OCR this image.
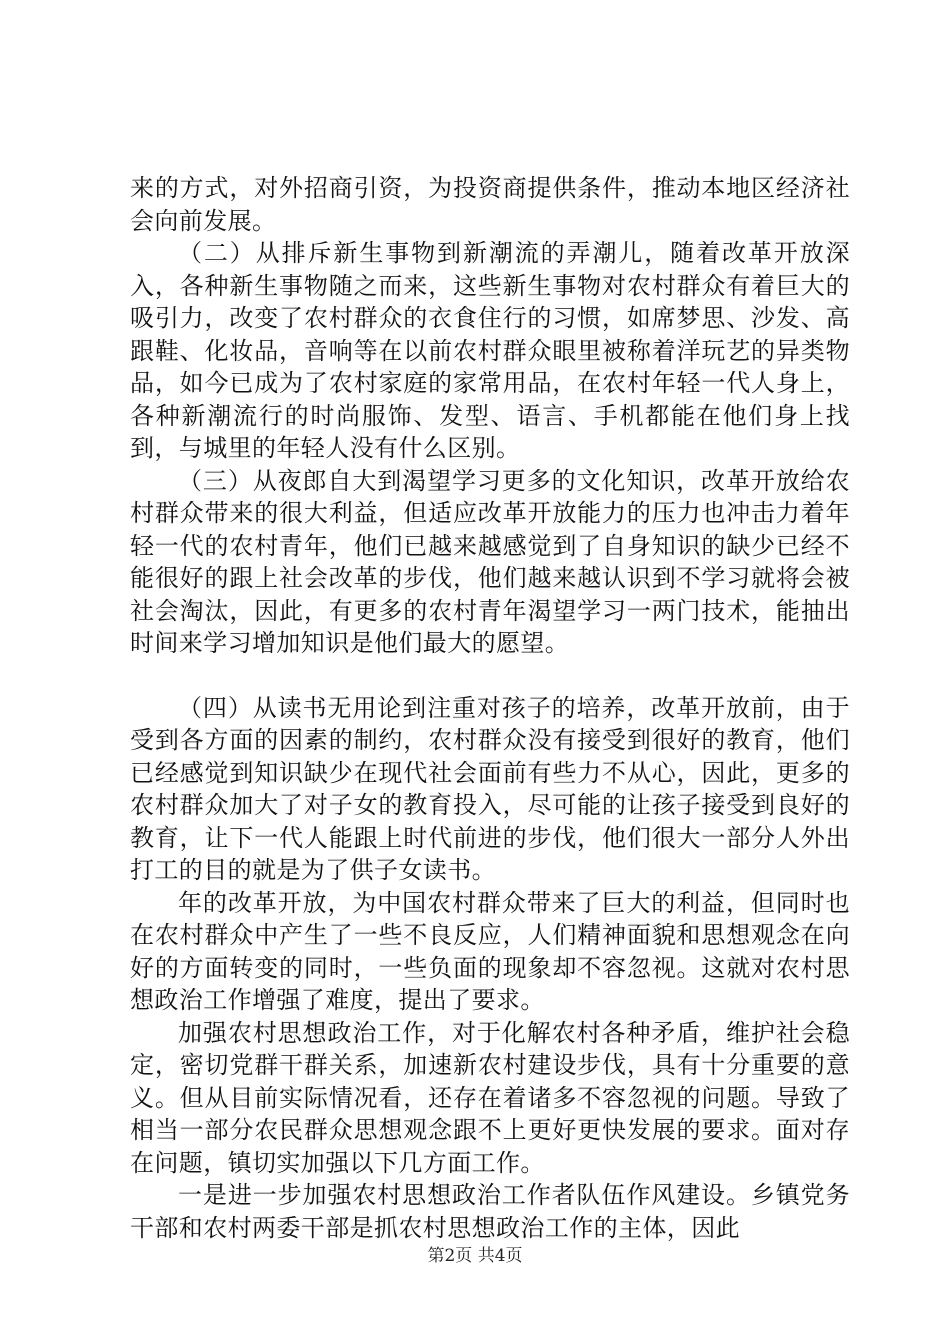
来的方式，对外招商引资，为投资商提供条件，推动本地区经济社会向前发展。

（二）从排斥新生事物到新潮流的弄潮儿，随着改革开放深入，各种新生事物随之而来，这些新生事物对农村群众有着巨大的吸引力，改变了农村群众的衣食住行的习惯，如席梦思、沙发、高跟鞋、化妆品，音响等在以前农村群众眼里被称着洋玩艺的异类物品，如今已成为了农村家庭的家常用品，在农村年轻一代人身上，各种新潮流行的时尚服饰、发型、语言、手机都能在他们身上找到，与城里的年轻人没有什么区别。

（三）从夜郎自大到渴望学习更多的文化知识，改革开放给农村群众带来的很大利益，但适应改革开放能力的压力也冲击力着年轻一代的农村青年，他们已越来越感觉到了自身知识的缺少已经不能很好的跟上社会改革的步伐，他们越来越认识到不学习就将会被社会淘汰，因此，有更多的农村青年渴望学习一两门技术，能抽出时间来学习增加知识是他们最大的愿望。

（四）从读书无用论到注重对孩子的培养，改革开放前，由于受到各方面的因素的制约，农村群众没有接受到很好的教育，他们已经感觉到知识缺少在现代社会面前有些力不从心，因此，更多的农村群众加大了对子女的教育投入，尽可能的让孩子接受到良好的教育，让下一代人能跟上时代前进的步伐，他们很大一部分人外出打工的目的就是为了供子女读书。

年的改革开放，为中国农村群众带来了巨大的利益，但同时也在农村群众中产生了一些不良反应，人们精神面貌和思想观念在向好的方面转变的同时，一些负面的现象却不容忽视。这就对农村思想政治工作增强了难度，提出了要求。

加强农村思想政治工作，对于化解农村各种矛盾，维护社会稳定，密切党群干群关系，加速新农村建设步伐，具有十分重要的意义。但从目前实际情况看，还存在着诸多不容忽视的问题。导致了相当一部分农民群众思想观念跟不上更好更快发展的要求。面对存在问题，镇切实加强以下几方面工作。

一是进一步加强农村思想政治工作者队伍作风建设。乡镇党务干部和农村两委干部是抓农村思想政治工作的主体，因此

第2页 共4页
